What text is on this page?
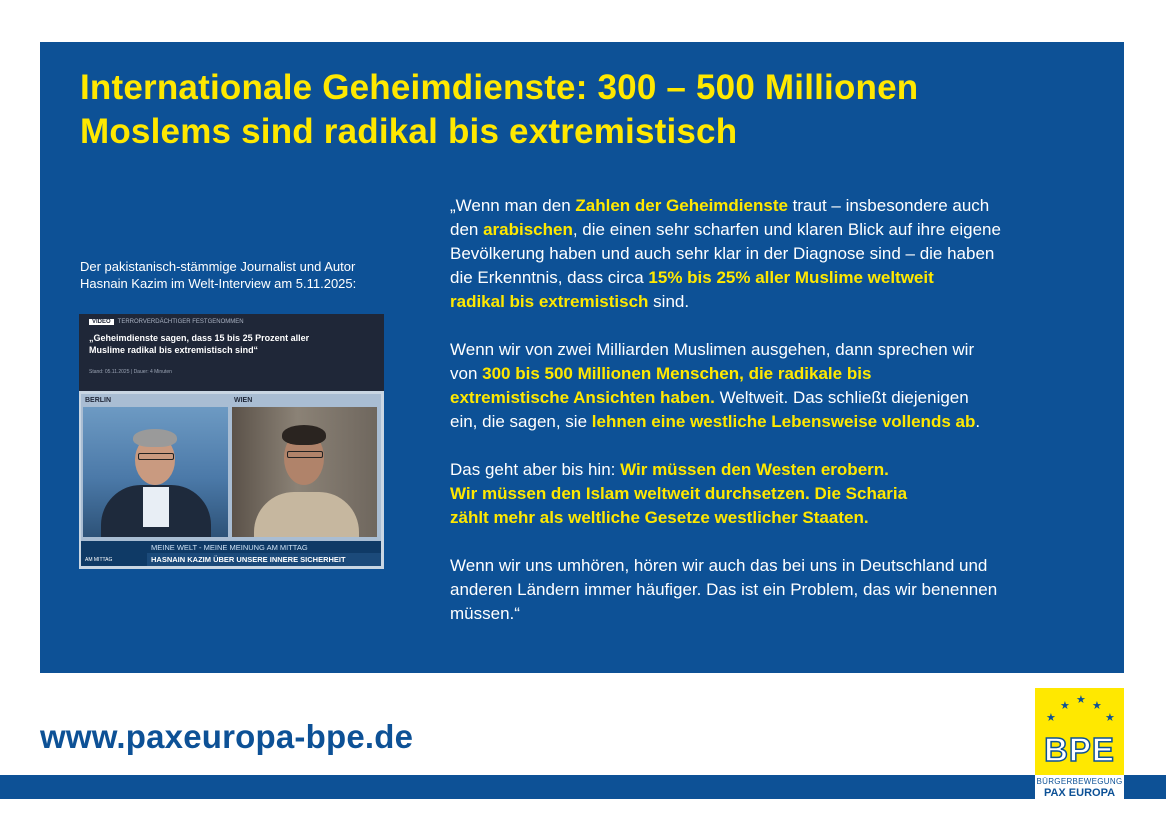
Internationale Geheimdienste: 300 – 500 Millionen
Moslems sind radikal bis extremistisch
Der pakistanisch-stämmige Journalist und Autor
Hasnain Kazim im Welt-Interview am 5.11.2025:
VIDEO TERRORVERDÄCHTIGER FESTGENOMMEN
„Geheimdienste sagen, dass 15 bis 25 Prozent aller
Muslime radikal bis extremistisch sind“
Stand: 05.11.2025 | Dauer: 4 Minuten
BERLIN	WIEN
MEINE WELT - MEINE MEINUNG AM MITTAG
HASNAIN KAZIM ÜBER UNSERE INNERE SICHERHEIT
AM MITTAG
„Wenn man den Zahlen der Geheimdienste traut – insbesondere auch
den arabischen, die einen sehr scharfen und klaren Blick auf ihre eigene
Bevölkerung haben und auch sehr klar in der Diagnose sind – die haben
die Erkenntnis, dass circa 15% bis 25% aller Muslime weltweit
radikal bis extremistisch sind.
Wenn wir von zwei Milliarden Muslimen ausgehen, dann sprechen wir
von 300 bis 500 Millionen Menschen, die radikale bis
extremistische Ansichten haben. Weltweit. Das schließt diejenigen
ein, die sagen, sie lehnen eine westliche Lebensweise vollends ab.
Das geht aber bis hin: Wir müssen den Westen erobern.
Wir müssen den Islam weltweit durchsetzen. Die Scharia
zählt mehr als weltliche Gesetze westlicher Staaten.
Wenn wir uns umhören, hören wir auch das bei uns in Deutschland und
anderen Ländern immer häufiger. Das ist ein Problem, das wir benennen
müssen.“
www.paxeuropa-bpe.de
★
★ ★
★	★
BPE
BÜRGERBEWEGUNG
PAX EUROPA
